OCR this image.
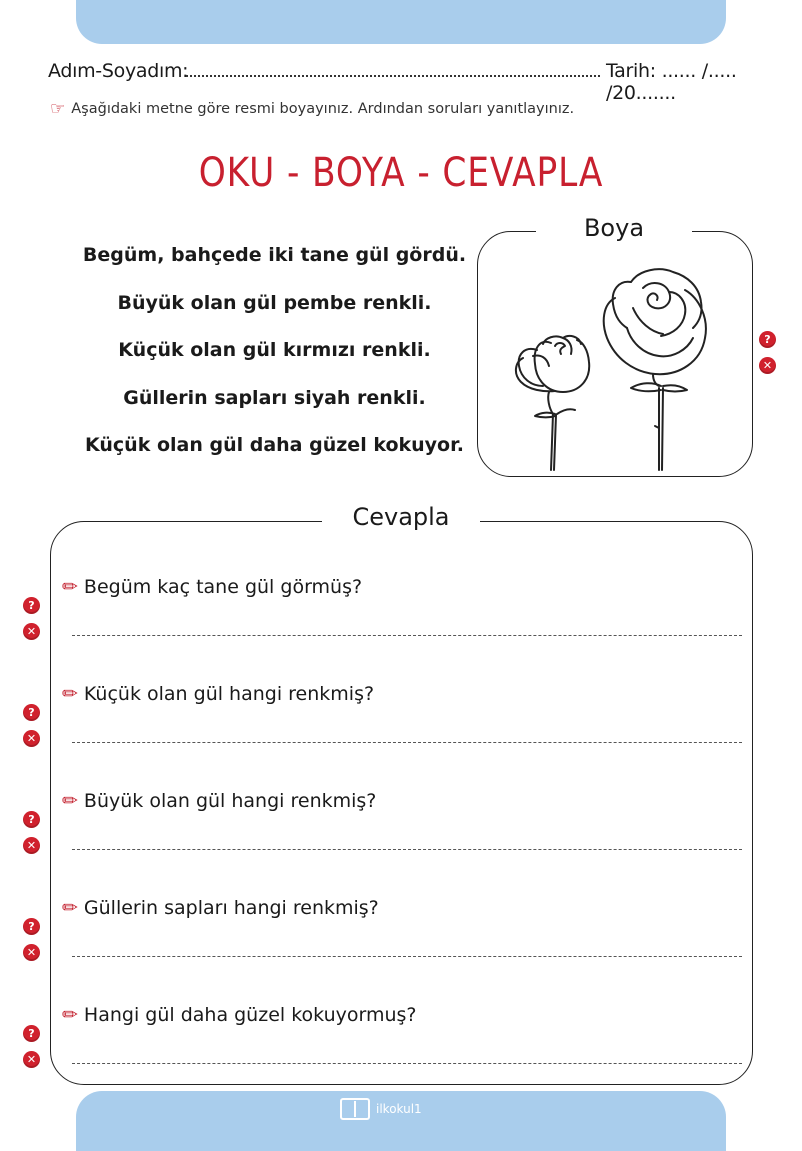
Adım-Soyadım:	Tarih: ...... /..... /20.......
☞ Aşağıdaki metne göre resmi boyayınız. Ardından soruları yanıtlayınız.
OKU - BOYA - CEVAPLA
Begüm, bahçede iki tane gül gördü.
Büyük olan gül pembe renkli.
Küçük olan gül kırmızı renkli.
Güllerin sapları siyah renkli.
Küçük olan gül daha güzel kokuyor.
Boya
?
✕
Cevapla
✏ Begüm kaç tane gül görmüş?
?
✕
✏ Küçük olan gül hangi renkmiş?
?
✕
✏ Büyük olan gül hangi renkmiş?
?
✕
✏ Güllerin sapları hangi renkmiş?
?
✕
✏ Hangi gül daha güzel kokuyormuş?
?
✕
ilkokul1
